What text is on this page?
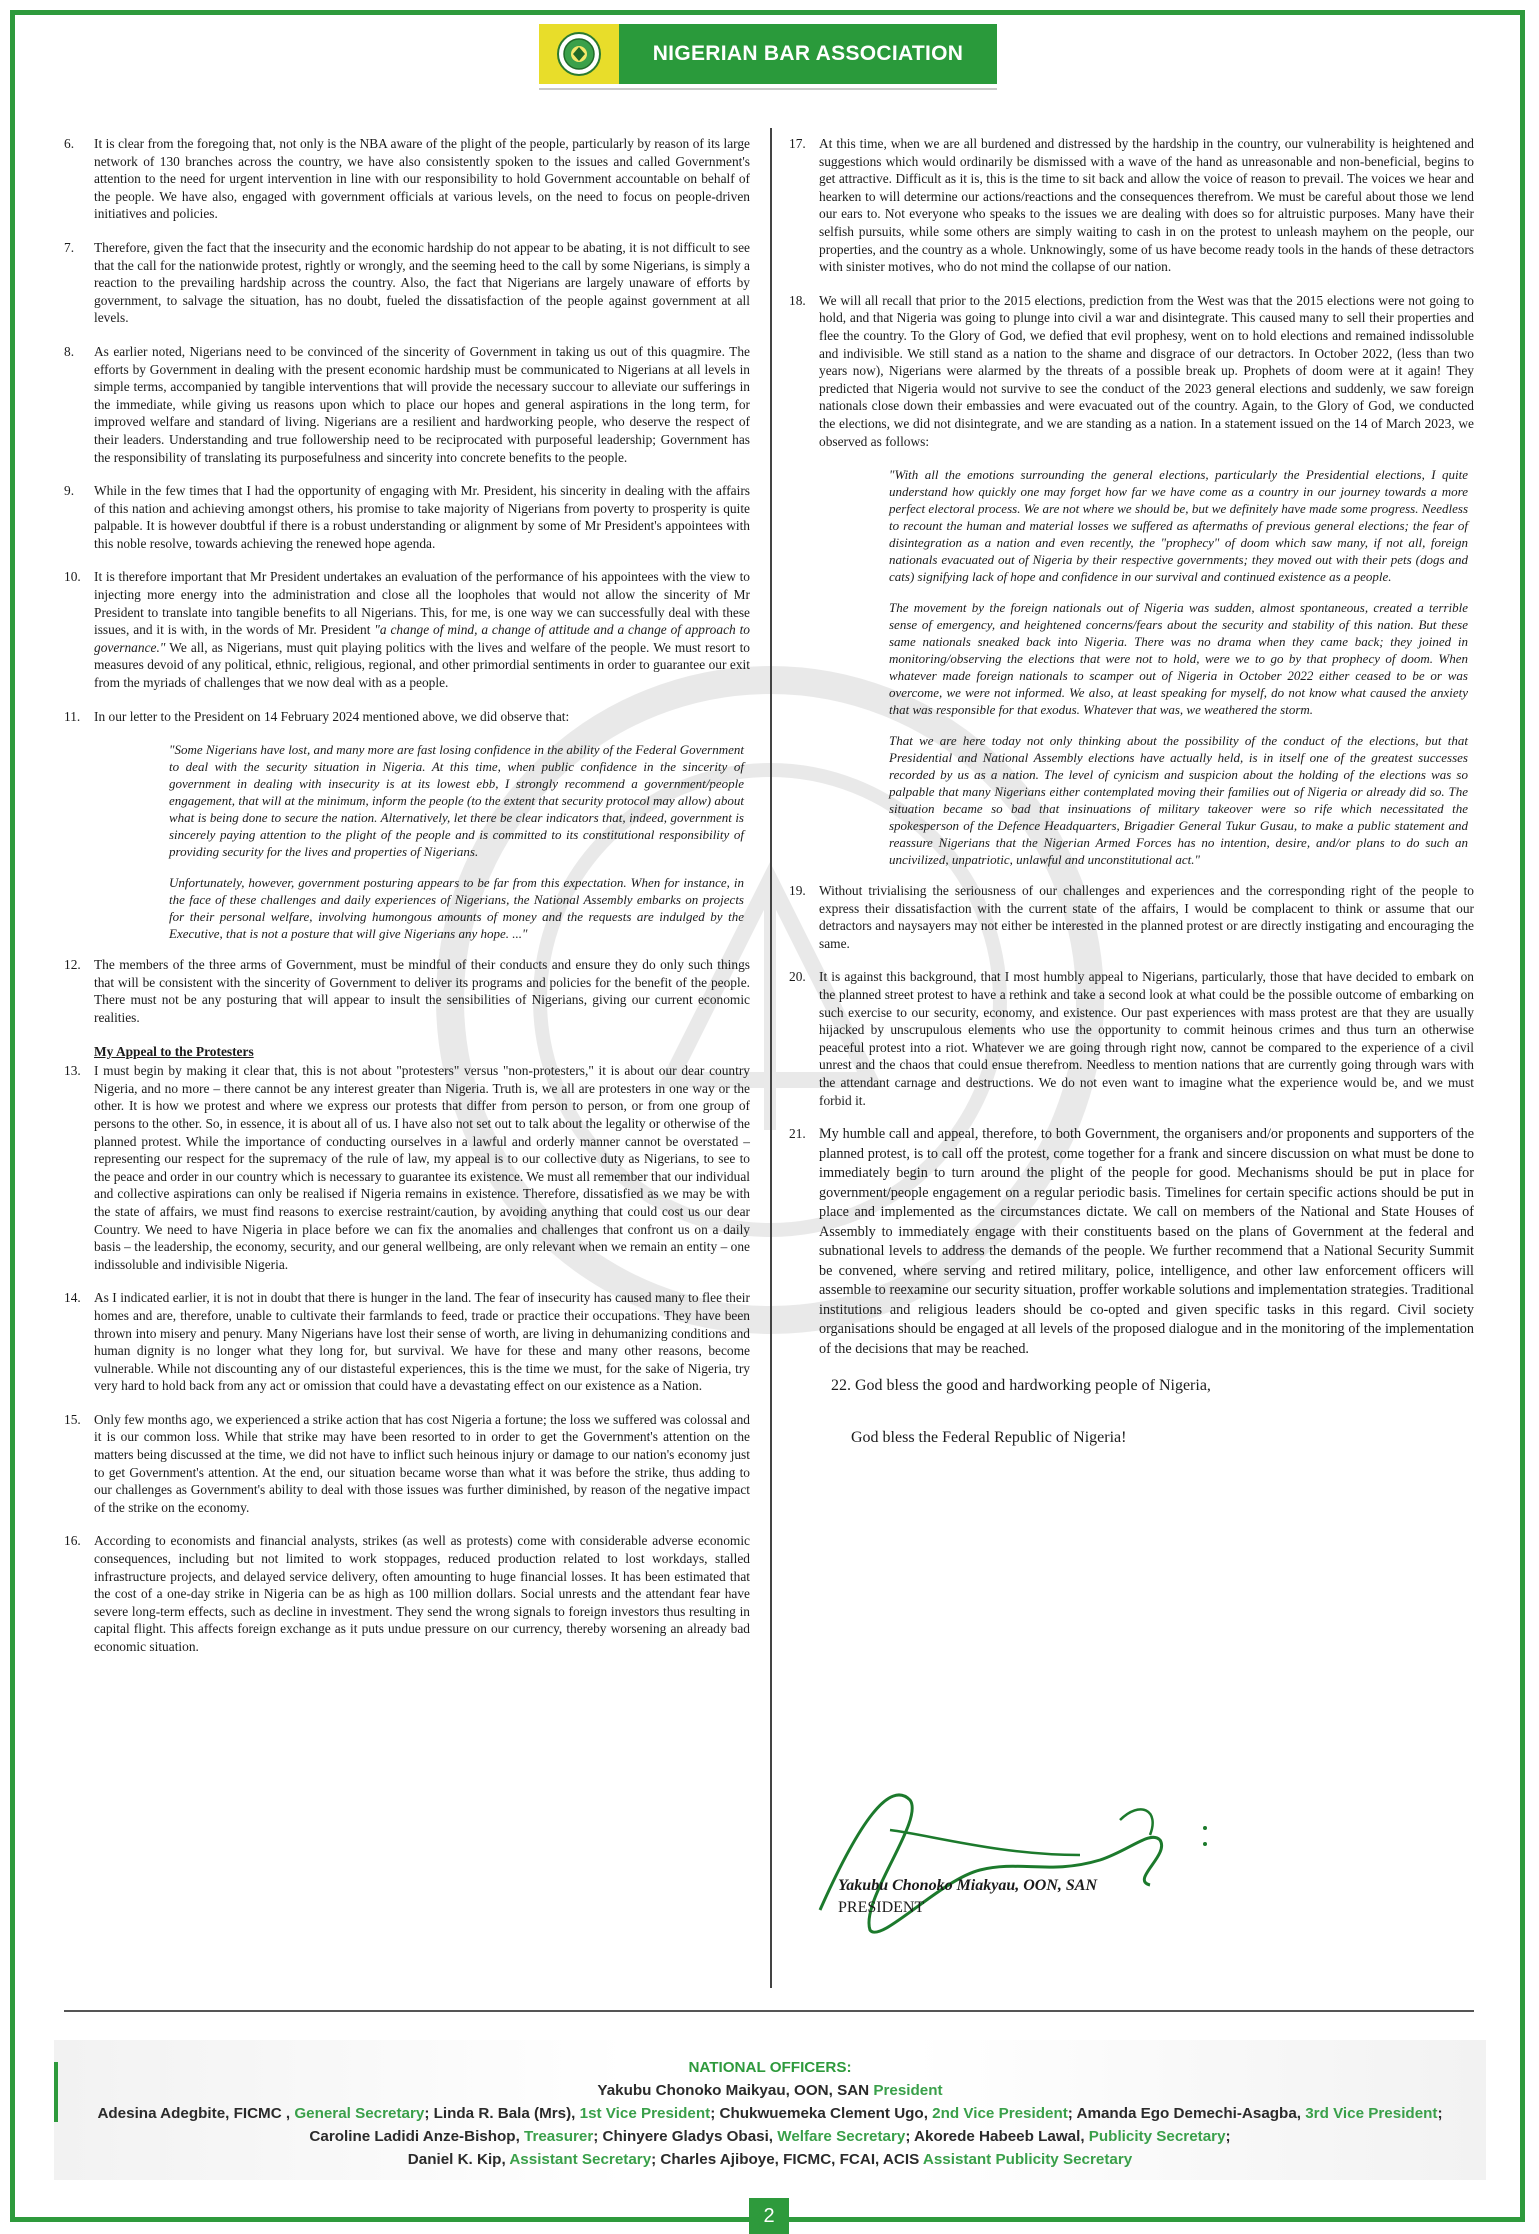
NIGERIAN BAR ASSOCIATION
6.	It is clear from the foregoing that, not only is the NBA aware of the plight of the people, particularly by reason of its large network of 130 branches across the country, we have also consistently spoken to the issues and called Government's attention to the need for urgent intervention in line with our responsibility to hold Government accountable on behalf of the people. We have also, engaged with government officials at various levels, on the need to focus on people-driven initiatives and policies.
7.	Therefore, given the fact that the insecurity and the economic hardship do not appear to be abating, it is not difficult to see that the call for the nationwide protest, rightly or wrongly, and the seeming heed to the call by some Nigerians, is simply a reaction to the prevailing hardship across the country. Also, the fact that Nigerians are largely unaware of efforts by government, to salvage the situation, has no doubt, fueled the dissatisfaction of the people against government at all levels.
8.	As earlier noted, Nigerians need to be convinced of the sincerity of Government in taking us out of this quagmire. The efforts by Government in dealing with the present economic hardship must be communicated to Nigerians at all levels in simple terms, accompanied by tangible interventions that will provide the necessary succour to alleviate our sufferings in the immediate, while giving us reasons upon which to place our hopes and general aspirations in the long term, for improved welfare and standard of living. Nigerians are a resilient and hardworking people, who deserve the respect of their leaders. Understanding and true followership need to be reciprocated with purposeful leadership; Government has the responsibility of translating its purposefulness and sincerity into concrete benefits to the people.
9.	While in the few times that I had the opportunity of engaging with Mr. President, his sincerity in dealing with the affairs of this nation and achieving amongst others, his promise to take majority of Nigerians from poverty to prosperity is quite palpable. It is however doubtful if there is a robust understanding or alignment by some of Mr President's appointees with this noble resolve, towards achieving the renewed hope agenda.
10. It is therefore important that Mr President undertakes an evaluation of the performance of his appointees with the view to injecting more energy into the administration and close all the loopholes that would not allow the sincerity of Mr President to translate into tangible benefits to all Nigerians. This, for me, is one way we can successfully deal with these issues, and it is with, in the words of Mr. President "a change of mind, a change of attitude and a change of approach to governance." We all, as Nigerians, must quit playing politics with the lives and welfare of the people. We must resort to measures devoid of any political, ethnic, religious, regional, and other primordial sentiments in order to guarantee our exit from the myriads of challenges that we now deal with as a people.
11.	In our letter to the President on 14 February 2024 mentioned above, we did observe that:
"Some Nigerians have lost, and many more are fast losing confidence in the ability of the Federal Government to deal with the security situation in Nigeria. At this time, when public confidence in the sincerity of government in dealing with insecurity is at its lowest ebb, I strongly recommend a government/people engagement, that will at the minimum, inform the people (to the extent that security protocol may allow) about what is being done to secure the nation. Alternatively, let there be clear indicators that, indeed, government is sincerely paying attention to the plight of the people and is committed to its constitutional responsibility of providing security for the lives and properties of Nigerians.
Unfortunately, however, government posturing appears to be far from this expectation. When for instance, in the face of these challenges and daily experiences of Nigerians, the National Assembly embarks on projects for their personal welfare, involving humongous amounts of money and the requests are indulged by the Executive, that is not a posture that will give Nigerians any hope. ..."
12. The members of the three arms of Government, must be mindful of their conducts and ensure they do only such things that will be consistent with the sincerity of Government to deliver its programs and policies for the benefit of the people. There must not be any posturing that will appear to insult the sensibilities of Nigerians, giving our current economic realities.
My Appeal to the Protesters
13. I must begin by making it clear that, this is not about "protesters" versus "non-protesters," it is about our dear country Nigeria, and no more – there cannot be any interest greater than Nigeria. Truth is, we all are protesters in one way or the other. It is how we protest and where we express our protests that differ from person to person, or from one group of persons to the other. So, in essence, it is about all of us. I have also not set out to talk about the legality or otherwise of the planned protest. While the importance of conducting ourselves in a lawful and orderly manner cannot be overstated – representing our respect for the supremacy of the rule of law, my appeal is to our collective duty as Nigerians, to see to the peace and order in our country which is necessary to guarantee its existence. We must all remember that our individual and collective aspirations can only be realised if Nigeria remains in existence. Therefore, dissatisfied as we may be with the state of affairs, we must find reasons to exercise restraint/caution, by avoiding anything that could cost us our dear Country. We need to have Nigeria in place before we can fix the anomalies and challenges that confront us on a daily basis – the leadership, the economy, security, and our general wellbeing, are only relevant when we remain an entity – one indissoluble and indivisible Nigeria.
14. As I indicated earlier, it is not in doubt that there is hunger in the land. The fear of insecurity has caused many to flee their homes and are, therefore, unable to cultivate their farmlands to feed, trade or practice their occupations. They have been thrown into misery and penury. Many Nigerians have lost their sense of worth, are living in dehumanizing conditions and human dignity is no longer what they long for, but survival. We have for these and many other reasons, become vulnerable. While not discounting any of our distasteful experiences, this is the time we must, for the sake of Nigeria, try very hard to hold back from any act or omission that could have a devastating effect on our existence as a Nation.
15. Only few months ago, we experienced a strike action that has cost Nigeria a fortune; the loss we suffered was colossal and it is our common loss. While that strike may have been resorted to in order to get the Government's attention on the matters being discussed at the time, we did not have to inflict such heinous injury or damage to our nation's economy just to get Government's attention. At the end, our situation became worse than what it was before the strike, thus adding to our challenges as Government's ability to deal with those issues was further diminished, by reason of the negative impact of the strike on the economy.
16. According to economists and financial analysts, strikes (as well as protests) come with considerable adverse economic consequences, including but not limited to work stoppages, reduced production related to lost workdays, stalled infrastructure projects, and delayed service delivery, often amounting to huge financial losses. It has been estimated that the cost of a one-day strike in Nigeria can be as high as 100 million dollars. Social unrests and the attendant fear have severe long-term effects, such as decline in investment. They send the wrong signals to foreign investors thus resulting in capital flight. This affects foreign exchange as it puts undue pressure on our currency, thereby worsening an already bad economic situation.
17. At this time, when we are all burdened and distressed by the hardship in the country, our vulnerability is heightened and suggestions which would ordinarily be dismissed with a wave of the hand as unreasonable and non-beneficial, begins to get attractive. Difficult as it is, this is the time to sit back and allow the voice of reason to prevail. The voices we hear and hearken to will determine our actions/reactions and the consequences therefrom. We must be careful about those we lend our ears to. Not everyone who speaks to the issues we are dealing with does so for altruistic purposes. Many have their selfish pursuits, while some others are simply waiting to cash in on the protest to unleash mayhem on the people, our properties, and the country as a whole. Unknowingly, some of us have become ready tools in the hands of these detractors with sinister motives, who do not mind the collapse of our nation.
18. We will all recall that prior to the 2015 elections, prediction from the West was that the 2015 elections were not going to hold, and that Nigeria was going to plunge into civil a war and disintegrate. This caused many to sell their properties and flee the country. To the Glory of God, we defied that evil prophesy, went on to hold elections and remained indissoluble and indivisible. We still stand as a nation to the shame and disgrace of our detractors. In October 2022, (less than two years now), Nigerians were alarmed by the threats of a possible break up. Prophets of doom were at it again! They predicted that Nigeria would not survive to see the conduct of the 2023 general elections and suddenly, we saw foreign nationals close down their embassies and were evacuated out of the country. Again, to the Glory of God, we conducted the elections, we did not disintegrate, and we are standing as a nation. In a statement issued on the 14 of March 2023, we observed as follows:
"With all the emotions surrounding the general elections, particularly the Presidential elections, I quite understand how quickly one may forget how far we have come as a country in our journey towards a more perfect electoral process. We are not where we should be, but we definitely have made some progress. Needless to recount the human and material losses we suffered as aftermaths of previous general elections; the fear of disintegration as a nation and even recently, the "prophecy" of doom which saw many, if not all, foreign nationals evacuated out of Nigeria by their respective governments; they moved out with their pets (dogs and cats) signifying lack of hope and confidence in our survival and continued existence as a people.
The movement by the foreign nationals out of Nigeria was sudden, almost spontaneous, created a terrible sense of emergency, and heightened concerns/fears about the security and stability of this nation. But these same nationals sneaked back into Nigeria. There was no drama when they came back; they joined in monitoring/observing the elections that were not to hold, were we to go by that prophecy of doom. When whatever made foreign nationals to scamper out of Nigeria in October 2022 either ceased to be or was overcome, we were not informed. We also, at least speaking for myself, do not know what caused the anxiety that was responsible for that exodus. Whatever that was, we weathered the storm.
That we are here today not only thinking about the possibility of the conduct of the elections, but that Presidential and National Assembly elections have actually held, is in itself one of the greatest successes recorded by us as a nation. The level of cynicism and suspicion about the holding of the elections was so palpable that many Nigerians either contemplated moving their families out of Nigeria or already did so. The situation became so bad that insinuations of military takeover were so rife which necessitated the spokesperson of the Defence Headquarters, Brigadier General Tukur Gusau, to make a public statement and reassure Nigerians that the Nigerian Armed Forces has no intention, desire, and/or plans to do such an uncivilized, unpatriotic, unlawful and unconstitutional act."
19. Without trivialising the seriousness of our challenges and experiences and the corresponding right of the people to express their dissatisfaction with the current state of the affairs, I would be complacent to think or assume that our detractors and naysayers may not either be interested in the planned protest or are directly instigating and encouraging the same.
20. It is against this background, that I most humbly appeal to Nigerians, particularly, those that have decided to embark on the planned street protest to have a rethink and take a second look at what could be the possible outcome of embarking on such exercise to our security, economy, and existence. Our past experiences with mass protest are that they are usually hijacked by unscrupulous elements who use the opportunity to commit heinous crimes and thus turn an otherwise peaceful protest into a riot. Whatever we are going through right now, cannot be compared to the experience of a civil unrest and the chaos that could ensue therefrom. Needless to mention nations that are currently going through wars with the attendant carnage and destructions. We do not even want to imagine what the experience would be, and we must forbid it.
21. My humble call and appeal, therefore, to both Government, the organisers and/or proponents and supporters of the planned protest, is to call off the protest, come together for a frank and sincere discussion on what must be done to immediately begin to turn around the plight of the people for good. Mechanisms should be put in place for government/people engagement on a regular periodic basis. Timelines for certain specific actions should be put in place and implemented as the circumstances dictate. We call on members of the National and State Houses of Assembly to immediately engage with their constituents based on the plans of Government at the federal and subnational levels to address the demands of the people. We further recommend that a National Security Summit be convened, where serving and retired military, police, intelligence, and other law enforcement officers will assemble to reexamine our security situation, proffer workable solutions and implementation strategies. Traditional institutions and religious leaders should be co-opted and given specific tasks in this regard. Civil society organisations should be engaged at all levels of the proposed dialogue and in the monitoring of the implementation of the decisions that may be reached.
22. God bless the good and hardworking people of Nigeria,
God bless the Federal Republic of Nigeria!
Yakubu Chonoko Miakyau, OON, SAN
PRESIDENT
NATIONAL OFFICERS:
Yakubu Chonoko Maikyau, OON, SAN President
Adesina Adegbite, FICMC , General Secretary; Linda R. Bala (Mrs), 1st Vice President; Chukwuemeka Clement Ugo, 2nd Vice President; Amanda Ego Demechi-Asagba, 3rd Vice President;
Caroline Ladidi Anze-Bishop, Treasurer; Chinyere Gladys Obasi, Welfare Secretary; Akorede Habeeb Lawal, Publicity Secretary;
Daniel K. Kip, Assistant Secretary; Charles Ajiboye, FICMC, FCAI, ACIS Assistant Publicity Secretary
2
